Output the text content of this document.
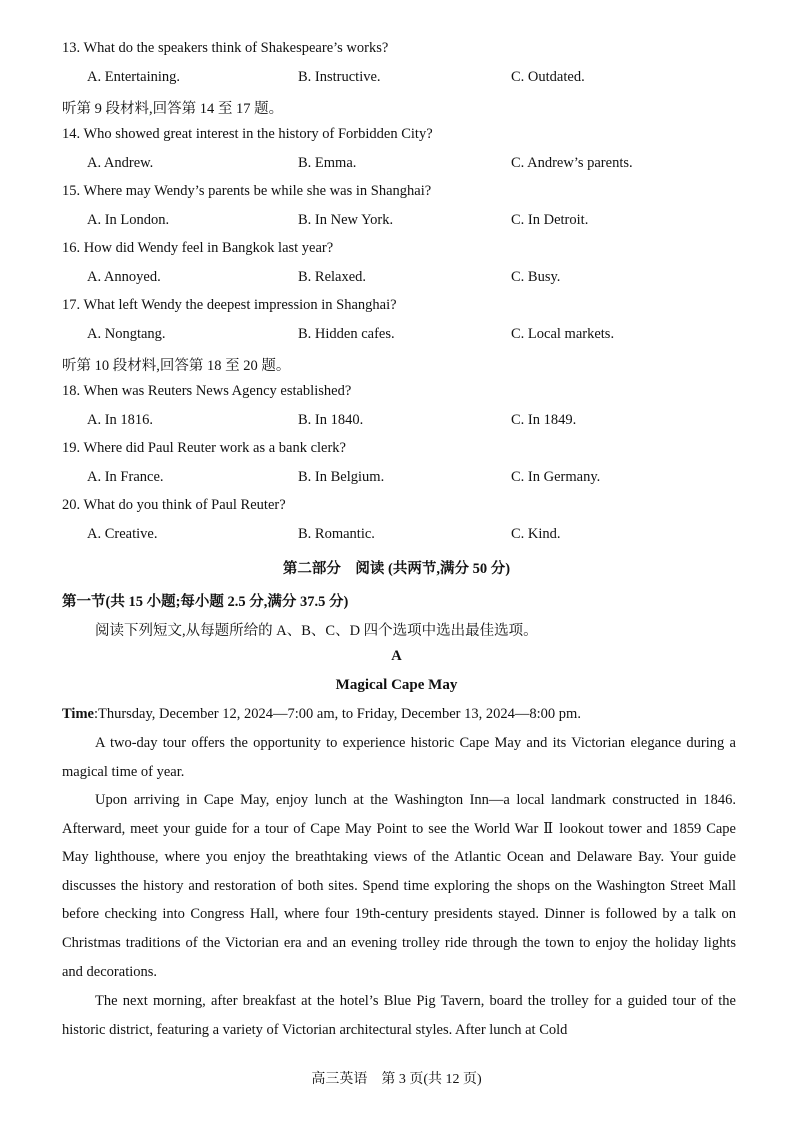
13. What do the speakers think of Shakespeare’s works?
A. Entertaining.	B. Instructive.	C. Outdated.
听第 9 段材料,回答第 14 至 17 题。
14. Who showed great interest in the history of Forbidden City?
A. Andrew.	B. Emma.	C. Andrew’s parents.
15. Where may Wendy’s parents be while she was in Shanghai?
A. In London.	B. In New York.	C. In Detroit.
16. How did Wendy feel in Bangkok last year?
A. Annoyed.	B. Relaxed.	C. Busy.
17. What left Wendy the deepest impression in Shanghai?
A. Nongtang.	B. Hidden cafes.	C. Local markets.
听第 10 段材料,回答第 18 至 20 题。
18. When was Reuters News Agency established?
A. In 1816.	B. In 1840.	C. In 1849.
19. Where did Paul Reuter work as a bank clerk?
A. In France.	B. In Belgium.	C. In Germany.
20. What do you think of Paul Reuter?
A. Creative.	B. Romantic.	C. Kind.
第二部分　阅读 (共两节,满分 50 分)
第一节(共 15 小题;每小题 2.5 分,满分 37.5 分)
阅读下列短文,从每题所给的 A、B、C、D 四个选项中选出最佳选项。
A
Magical Cape May
Time:Thursday, December 12, 2024—7:00 am, to Friday, December 13, 2024—8:00 pm.

A two-day tour offers the opportunity to experience historic Cape May and its Victorian elegance during a magical time of year.

Upon arriving in Cape May, enjoy lunch at the Washington Inn—a local landmark constructed in 1846. Afterward, meet your guide for a tour of Cape May Point to see the World War Ⅱ lookout tower and 1859 Cape May lighthouse, where you enjoy the breathtaking views of the Atlantic Ocean and Delaware Bay. Your guide discusses the history and restoration of both sites. Spend time exploring the shops on the Washington Street Mall before checking into Congress Hall, where four 19th-century presidents stayed. Dinner is followed by a talk on Christmas traditions of the Victorian era and an evening trolley ride through the town to enjoy the holiday lights and decorations.

The next morning, after breakfast at the hotel’s Blue Pig Tavern, board the trolley for a guided tour of the historic district, featuring a variety of Victorian architectural styles. After lunch at Cold

高三英语　第 3 页(共 12 页)
